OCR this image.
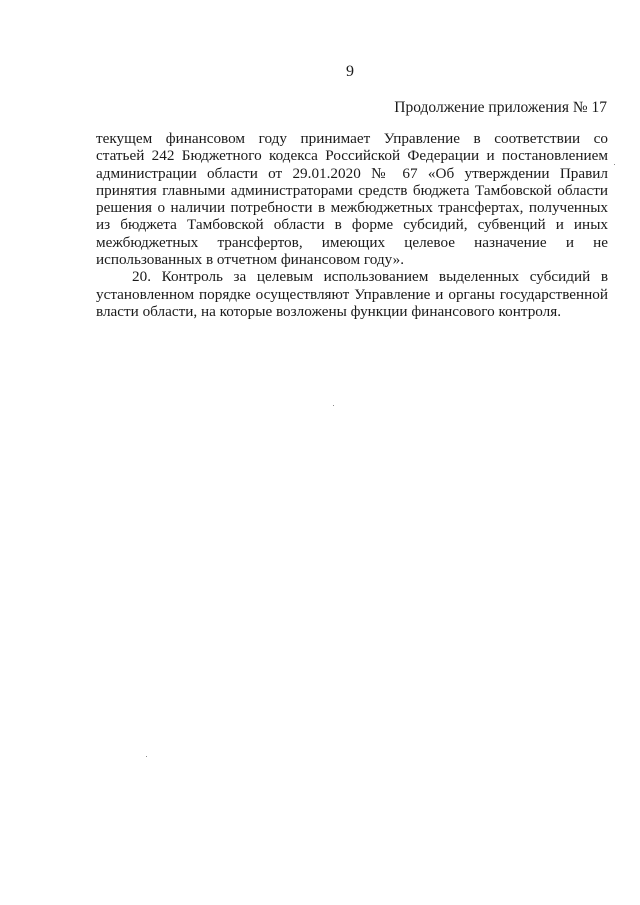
9
Продолжение приложения № 17
текущем финансовом году принимает Управление в соответствии со
статьей 242 Бюджетного кодекса Российской Федерации и постановлением
администрации области от 29.01.2020 № 67 «Об утверждении Правил
принятия главными администраторами средств бюджета Тамбовской области
решения о наличии потребности в межбюджетных трансфертах, полученных
из бюджета Тамбовской области в форме субсидий, субвенций и иных
межбюджетных трансфертов, имеющих целевое назначение и не
использованных в отчетном финансовом году».
20. Контроль за целевым использованием выделенных субсидий в
установленном порядке осуществляют Управление и органы государственной
власти области, на которые возложены функции финансового контроля.
